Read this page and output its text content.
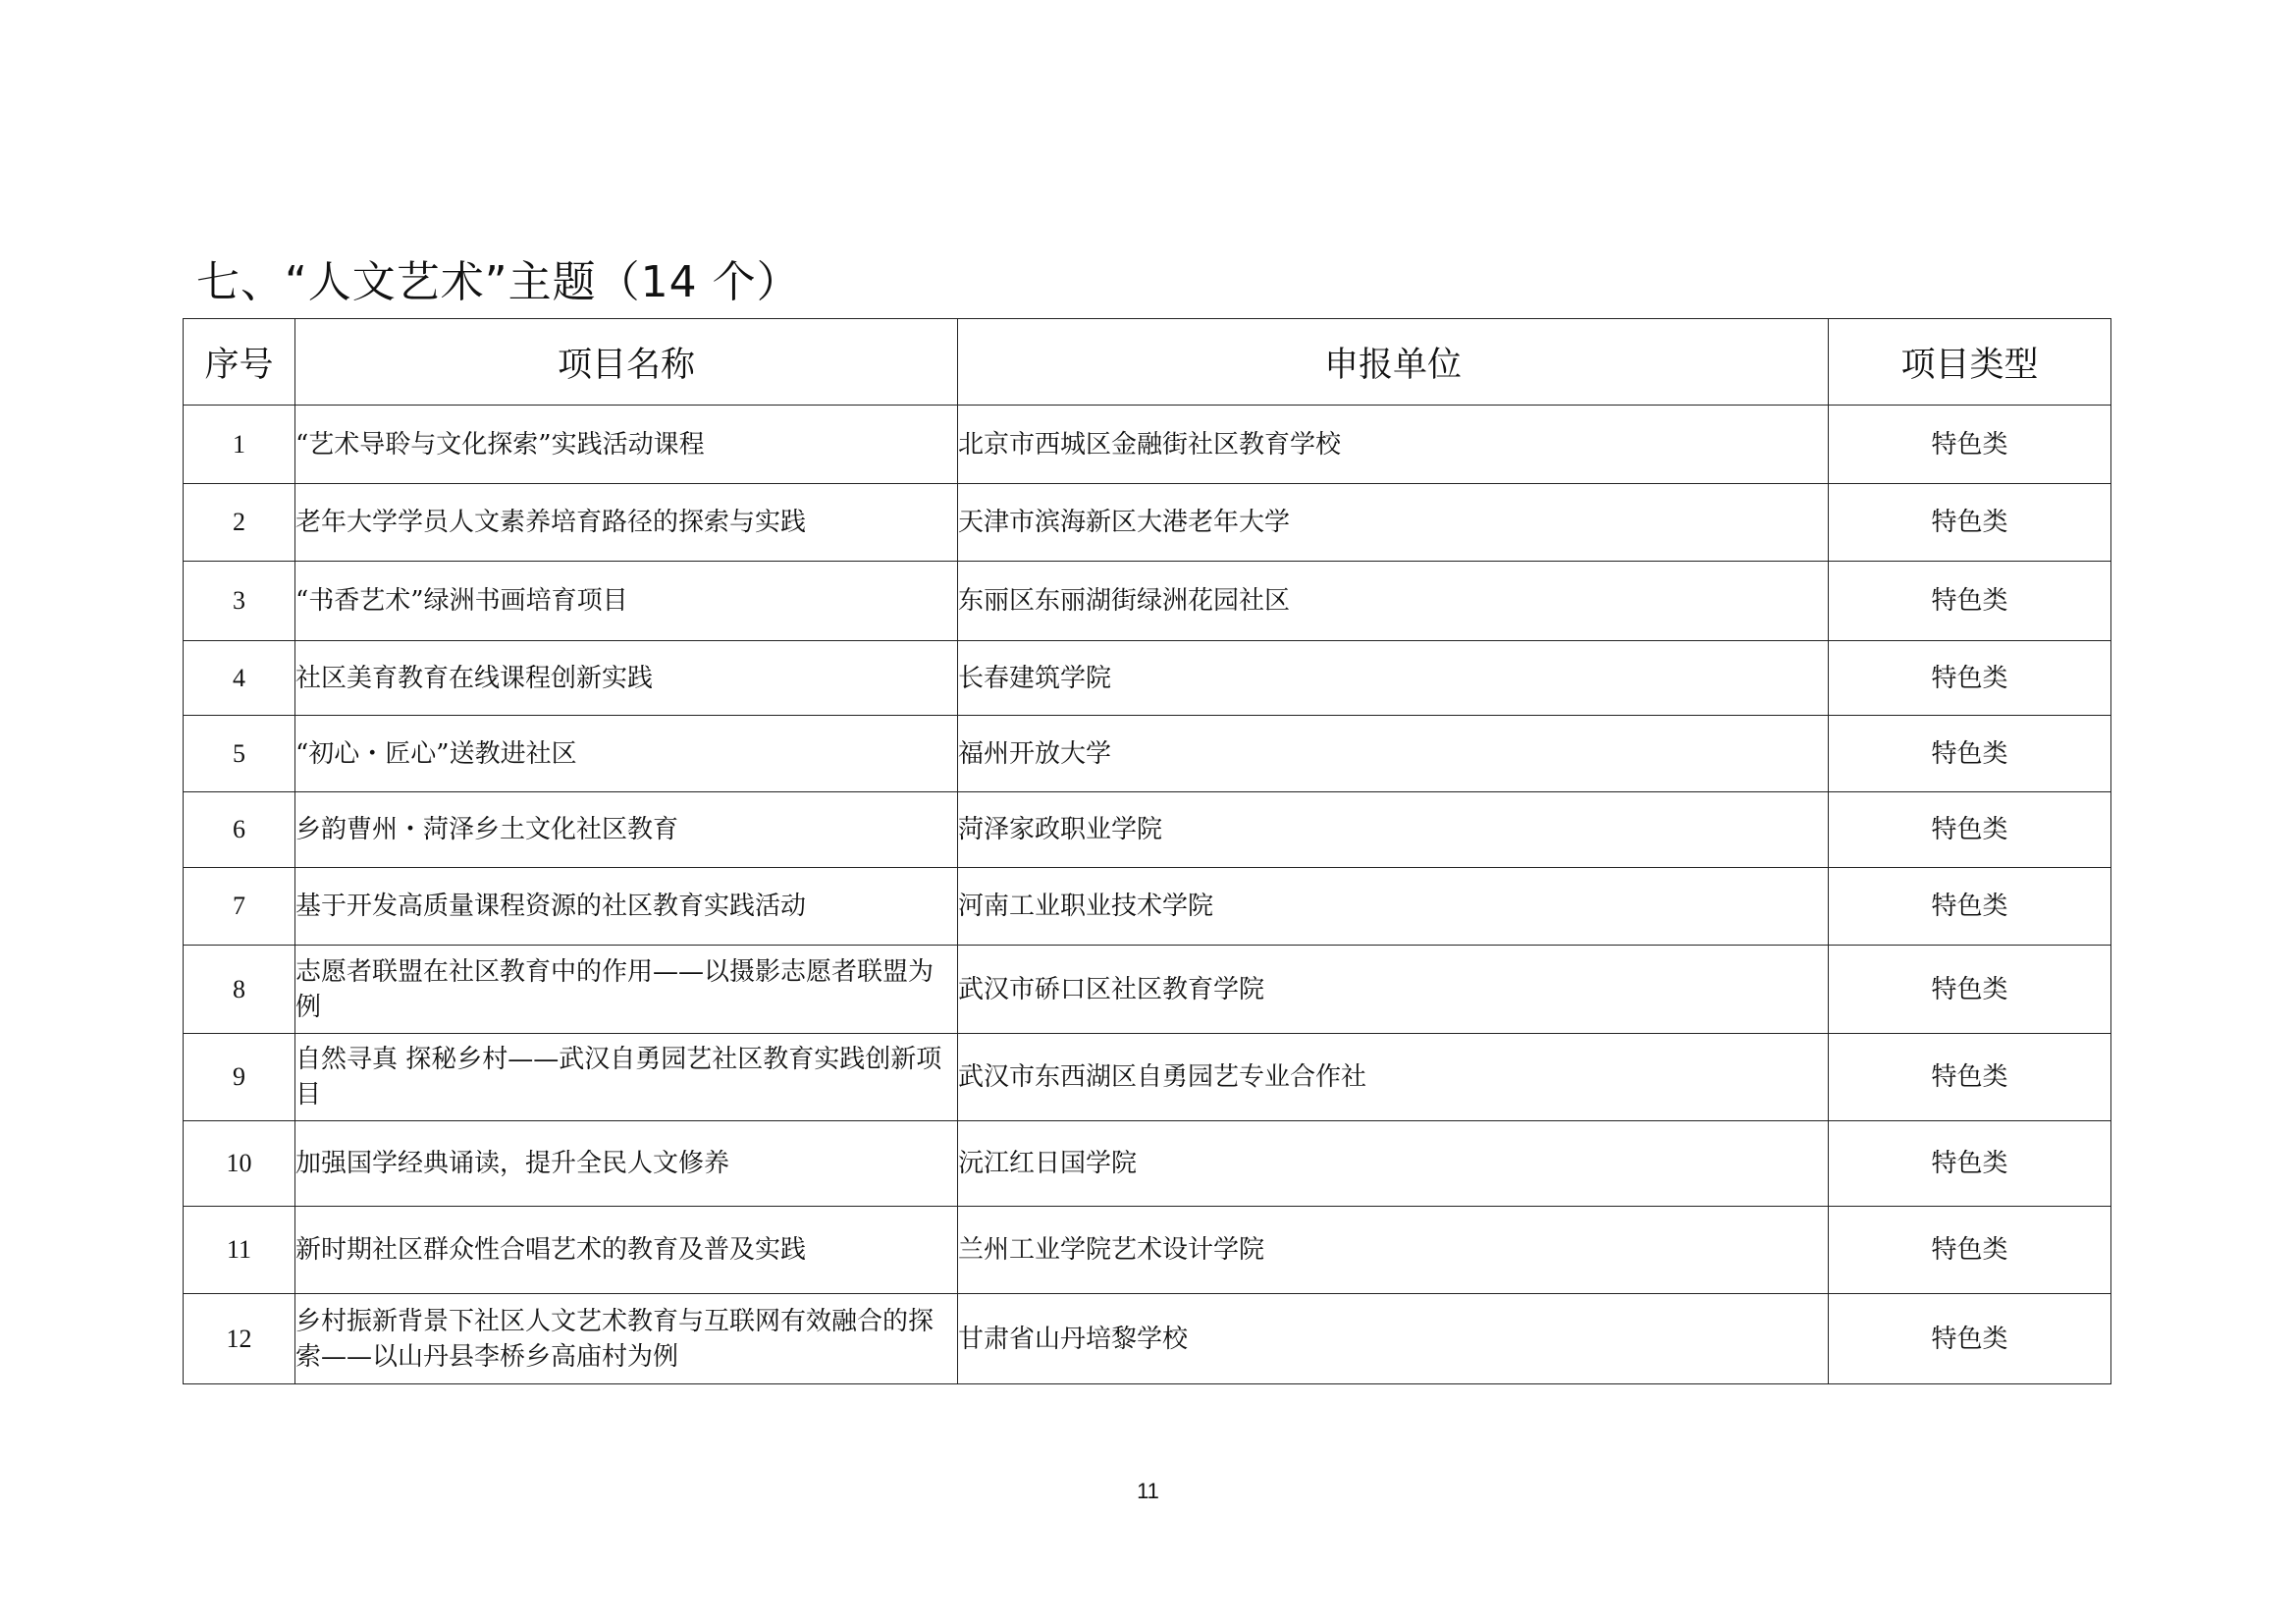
七、“人文艺术”主题（14 个）
序号	项目名称	申报单位	项目类型
1	“艺术导聆与文化探索”实践活动课程	北京市西城区金融街社区教育学校	特色类
2	老年大学学员人文素养培育路径的探索与实践	天津市滨海新区大港老年大学	特色类
3	“书香艺术”绿洲书画培育项目	东丽区东丽湖街绿洲花园社区	特色类
4	社区美育教育在线课程创新实践	长春建筑学院	特色类
5	“初心・匠心”送教进社区	福州开放大学	特色类
6	乡韵曹州・菏泽乡土文化社区教育	菏泽家政职业学院	特色类
7	基于开发高质量课程资源的社区教育实践活动	河南工业职业技术学院	特色类
8	志愿者联盟在社区教育中的作用——以摄影志愿者联盟为例	武汉市硚口区社区教育学院	特色类
9	自然寻真 探秘乡村——武汉自勇园艺社区教育实践创新项目	武汉市东西湖区自勇园艺专业合作社	特色类
10	加强国学经典诵读，提升全民人文修养	沅江红日国学院	特色类
11	新时期社区群众性合唱艺术的教育及普及实践	兰州工业学院艺术设计学院	特色类
12	乡村振新背景下社区人文艺术教育与互联网有效融合的探索——以山丹县李桥乡高庙村为例	甘肃省山丹培黎学校	特色类
11
